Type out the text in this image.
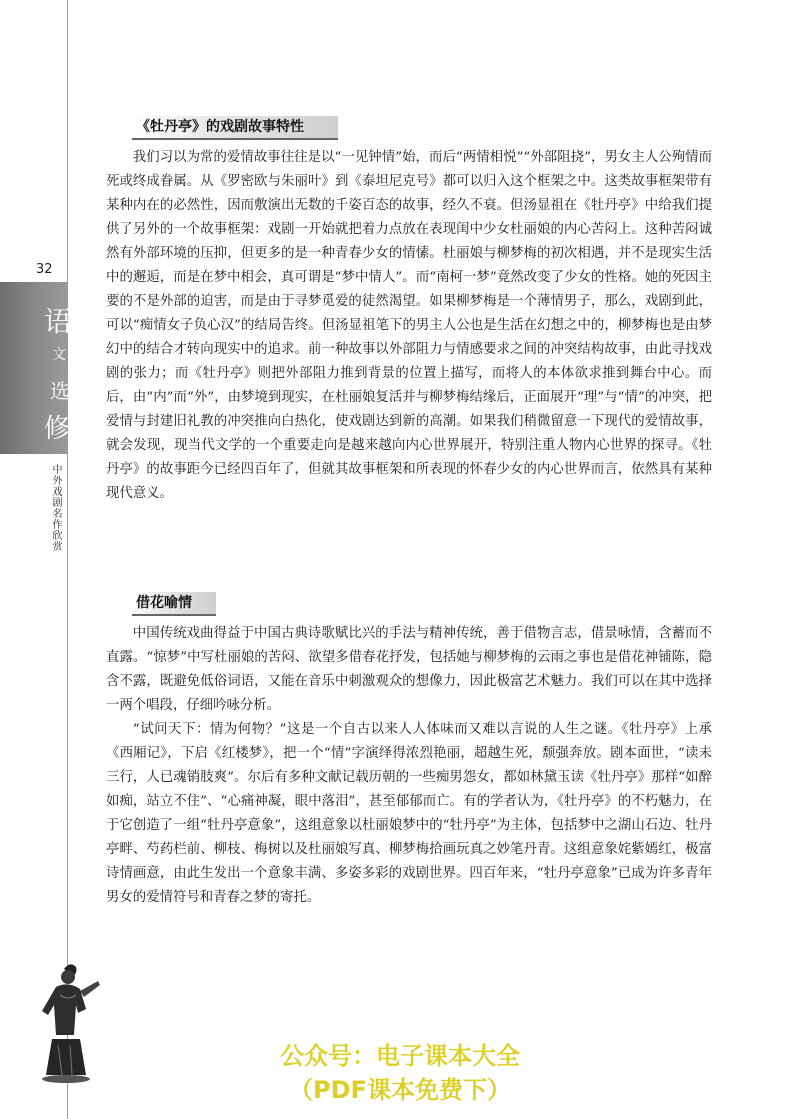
32
语
文
选
修
中外戏剧名作欣赏
《牡丹亭》的戏剧故事特性

我们习以为常的爱情故事往往是以“一见钟情”始，而后“两情相悦”“外部阻挠”，男女主人公殉情而死或终成眷属。从《罗密欧与朱丽叶》到《泰坦尼克号》都可以归入这个框架之中。这类故事框架带有某种内在的必然性，因而敷演出无数的千姿百态的故事，经久不衰。但汤显祖在《牡丹亭》中给我们提供了另外的一个故事框架：戏剧一开始就把着力点放在表现闺中少女杜丽娘的内心苦闷上。这种苦闷诚然有外部环境的压抑，但更多的是一种青春少女的情愫。杜丽娘与柳梦梅的初次相遇，并不是现实生活中的邂逅，而是在梦中相会，真可谓是“梦中情人”。而“南柯一梦”竟然改变了少女的性格。她的死因主要的不是外部的迫害，而是由于寻梦觅爱的徒然渴望。如果柳梦梅是一个薄情男子，那么，戏剧到此，可以“痴情女子负心汉”的结局告终。但汤显祖笔下的男主人公也是生活在幻想之中的，柳梦梅也是由梦幻中的结合才转向现实中的追求。前一种故事以外部阻力与情感要求之间的冲突结构故事，由此寻找戏剧的张力；而《牡丹亭》则把外部阻力推到背景的位置上描写，而将人的本体欲求推到舞台中心。而后，由“内”而“外”，由梦境到现实，在杜丽娘复活并与柳梦梅结缘后，正面展开“理”与“情”的冲突，把爱情与封建旧礼教的冲突推向白热化，使戏剧达到新的高潮。如果我们稍微留意一下现代的爱情故事，就会发现，现当代文学的一个重要走向是越来越向内心世界展开，特别注重人物内心世界的探寻。《牡丹亭》的故事距今已经四百年了，但就其故事框架和所表现的怀春少女的内心世界而言，依然具有某种现代意义。

借花喻情

中国传统戏曲得益于中国古典诗歌赋比兴的手法与精神传统，善于借物言志，借景咏情，含蓄而不直露。“惊梦”中写杜丽娘的苦闷、欲望多借春花抒发，包括她与柳梦梅的云雨之事也是借花神铺陈，隐含不露，既避免低俗词语，又能在音乐中刺激观众的想像力，因此极富艺术魅力。我们可以在其中选择一两个唱段，仔细吟咏分析。

“试问天下：情为何物？”这是一个自古以来人人体味而又难以言说的人生之谜。《牡丹亭》上承《西厢记》，下启《红楼梦》，把一个“情”字演绎得浓烈艳丽，超越生死，颓强奔放。剧本面世，“读未三行，人已魂销肢爽”。尔后有多种文献记载历朝的一些痴男怨女，都如林黛玉读《牡丹亭》那样“如醉如痴，站立不住”、“心痛神凝，眼中落泪”，甚至郁郁而亡。有的学者认为，《牡丹亭》的不朽魅力，在于它创造了一组“牡丹亭意象”，这组意象以杜丽娘梦中的“牡丹亭”为主体，包括梦中之湖山石边、牡丹亭畔、芍药栏前、柳枝、梅树以及杜丽娘写真、柳梦梅拾画玩真之妙笔丹青。这组意象姹紫嫣红，极富诗情画意，由此生发出一个意象丰满、多姿多彩的戏剧世界。四百年来，“牡丹亭意象”已成为许多青年男女的爱情符号和青春之梦的寄托。

公众号：电子课本大全
（PDF课本免费下）
